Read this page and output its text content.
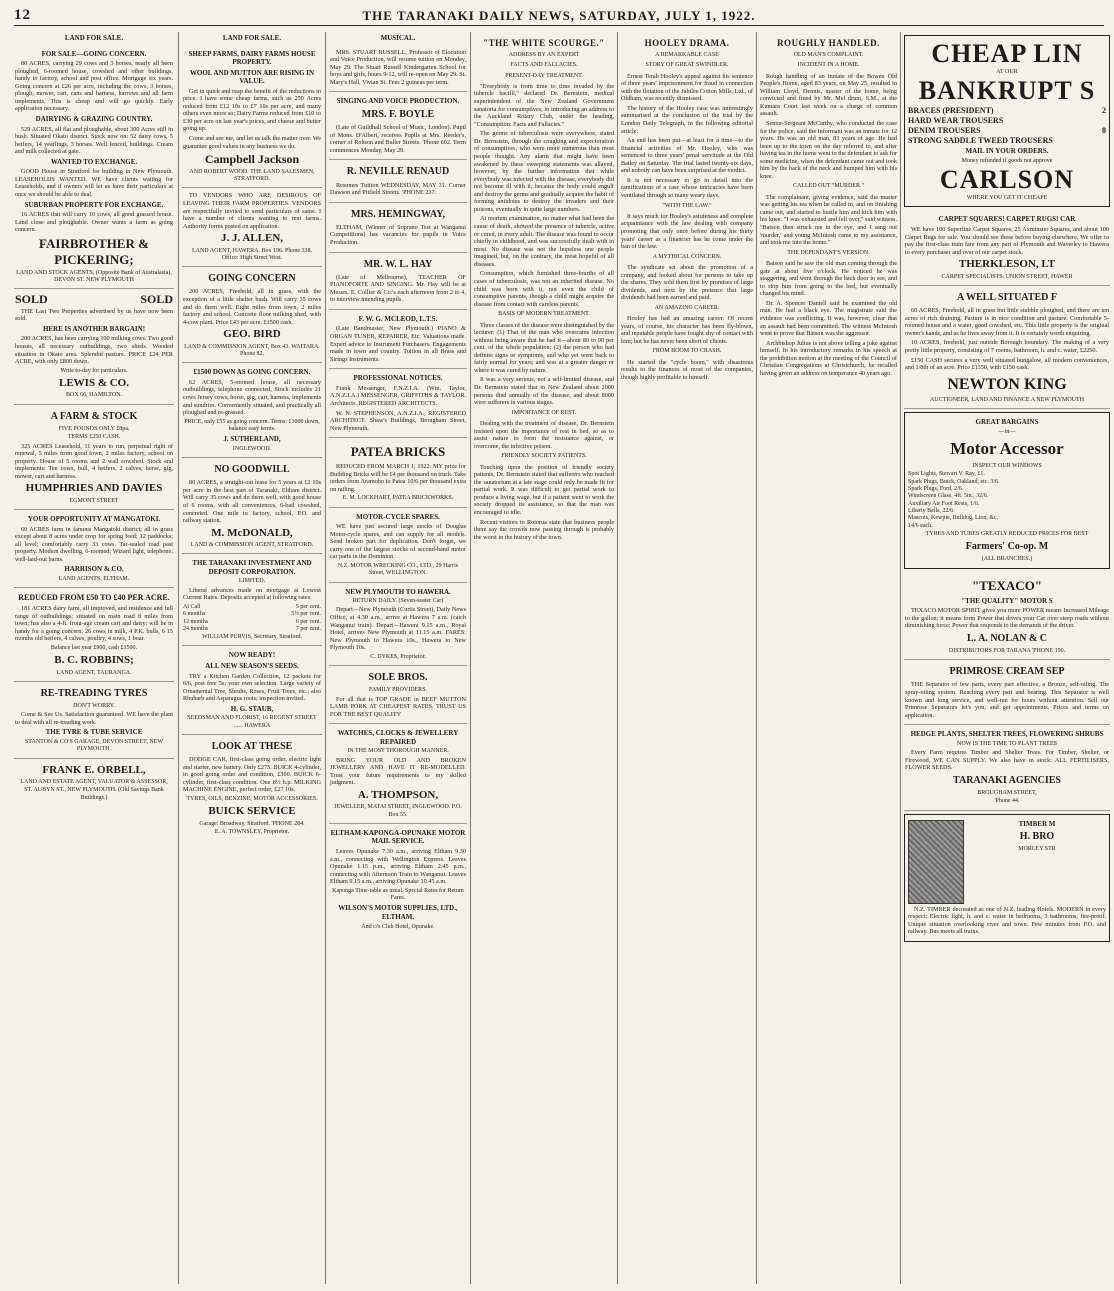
12	THE TARANAKI DAILY NEWS, SATURDAY, JULY 1, 1922.
LAND FOR SALE.
FOR SALE—GOING CONCERN.

80 ACRES, carrying 29 cows and 3 horses, nearly all been ploughed, 6-roomed house, cowshed and other buildings, handy to factory, school and post office. Mortgage six years. Going concern at £26 per acre, including the cows, 3 horses, plough, mower, cart, cans and harness, harrows and all farm implements. This is cheap and will go quickly. Early application necessary.

DAIRYING & GRAZING COUNTRY.

529 ACRES, all flat and ploughable, about 300 Acres still in bush. Situated Okato district. Stock now on: 52 dairy cows, 5 heifers, 14 yearlings, 3 horses. Well fenced, buildings. Cream and milk collected at gate.

WANTED TO EXCHANGE.

GOOD House in Stratford for building in New Plymouth. LEASEHOLDS WANTED. WE have clients waiting for Leaseholds, and if owners will let us have their particulars at once we should be able to deal.

SUBURBAN PROPERTY FOR EXCHANGE.

16 ACRES that will carry 10 cows, all good grassed house. Land close and ploughable. Owner wants a farm as going concern.

FAIRBROTHER & PICKERING;
LAND AND STOCK AGENTS, (Opposite Bank of Australasia), DEVON ST. NEW PLYMOUTH
SOLD	SOLD

THE Last Two Properties advertised by us have now been sold.

HERE IS ANOTHER BARGAIN!

200 ACRES, has been carrying 100 milking cows. Two good houses, all necessary outbuildings, two sheds. Wooded situation in Okato area. Splendid pasture. PRICE £24 PER ACRE, with only £800 down.

Write to-day for particulars.
LEWIS & CO.
BOX 66, HAMILTON.
A FARM & STOCK
FIVE POUNDS ONLY £8pa.
TERMS £250 CASH.

325 ACRES Leasehold, 11 years to run, perpetual right of renewal, 5 miles from good town, 2 miles factory, school on property. House of 5 rooms and 2 wall cowshed. Stock and implements: Ten cows, bull, 4 heifers, 2 calves, horse, gig, mower, cart and harness.

HUMPHRIES AND DAVIES
EGMONT STREET
YOUR OPPORTUNITY AT MANGATOKI.

60 ACRES farm in famous Mangatoki district; all in grass except about 8 acres under crop for spring feed; 12 paddocks; all level; comfortably carry 33 cows. Tar-sealed road past property. Modern dwelling, 6-roomed; Wizard light, telephone; well-laid-out barns.

HARRISON & CO.
LAND AGENTS, ELTHAM.
REDUCED FROM £50 TO £40 PER ACRE.

181 ACRES dairy farm, all improved, and residence and full range of outbuildings; situated on main road 8 miles from town; has also a 4-ft. front-age cream cart and dairy; will be in handy for a going concern: 26 cows in milk, 4 P.K. bulls, 6 15 months old heifers, 4 calves, poultry, 4 sows, 1 boar.

Balance last year £900, cash £1500.
B. C. ROBBINS;
LAND AGENT, TAURANGA.
RE-TREADING TYRES
DON'T WORRY.

Come & See Us. Satisfaction guaranteed. WE have the plant to deal with all re-treading work.

THE TYRE & TUBE SERVICE
STANTON & CO'S GARAGE, DEVON STREET, NEW PLYMOUTH.
FRANK E. ORBELL,
LAND AND ESTATE AGENT, VALUATOR & ASSESSOR,
ST. AUBYN ST., NEW PLYMOUTH. (Old Savings Bank Buildings.)
LAND FOR SALE.
SHEEP FARMS, DAIRY FARMS HOUSE PROPERTY.
WOOL AND MUTTON ARE RISING IN VALUE.

Get in quick and reap the benefit of the reductions in price. I have some cheap farms, such as 250 Acres reduced from £12 10s to £7 10s per acre, and many others even more so; Dairy Farms reduced from £10 to £30 per acre on last year's prices, and cheese and butter going up.

Come and see me, and let us talk the matter over. We guarantee good values in any business we do.

Campbell Jackson
AND ROBERT WOOD. THE LAND SALESMEN, STRATFORD.

TO VENDORS WHO ARE DESIROUS OF LEAVING THEIR FARM PROPERTIES. VENDORS are respectfully invited to send particulars of same. I have a number of clients wanting to rent farms. Authority forms posted on application.

J. J. ALLEN,
LAND AGENT, HAWERA. Box 196. Phone 338. Office: High Street West.
GOING CONCERN

200 ACRES, Freehold, all in grass, with the exception of a little shelter bush. Will carry 35 cows and do them well. Eight miles from town, 2 miles factory and school. Concrete floor milking shed, with 4-cow plant. Price £43 per acre. £1500 cash.

GEO. BIRD
LAND & COMMISSION AGENT, Box 43. WAITARA. Phone 82.
£1500 DOWN AS GOING CONCERN.

62 ACRES, 5-roomed house, all necessary outbuildings, telephone connected, Stock includes 21 cows Jersey cows, horse, gig, cart, harness, implements and sundries. Conveniently situated, and practically all ploughed and re-grassed.

PRICE, only £55 as going concern. Terms: £1000 down, balance easy terms.
J. SUTHERLAND,
INGLEWOOD.
NO GOODWILL

80 ACRES, a straight-out lease for 5 years at £2 10s per acre in the best part of Taranaki, Eltham district. Will carry 35 cows and do them well, with good house of 6 rooms, with all conveniences, 6-bail cowshed, concreted. One mile to factory, school, P.O. and railway station.

M. McDONALD,
LAND & COMMISSION AGENT, STRATFORD.
THE TARANAKI INVESTMENT AND DEPOSIT CORPORATION.
LIMITED.

Liberal advances made on mortgage at Lowest Current Rates. Deposits accepted at following rates:

At Call	5 per cent.
6 months	5½ per cent.
12 months	6 per cent.
24 months	7 per cent.
WILLIAM PURVIS, Secretary, Stratford.
NOW READY!
ALL NEW SEASON'S SEEDS.

TRY a Kitchen Garden Collection, 12 packets for 6/6, post free 5s; your own selection. Large variety of Ornamental Tree, Shrubs, Roses, Fruit Trees, etc.; also Rhubarb and Asparagus roots; inspection invited.

H. G. STAUB,
SEEDSMAN AND FLORIST, 16 REGENT STREET ...... HAWERA
LOOK AT THESE

DODGE CAR, first-class going order, electric light and starter, new battery. Only £275. BUICK 4-cylinder, in good going order and condition, £300. BUICK 6-cylinder, first-class condition. One 8½ h.p. MILKING MACHINE ENGINE, perfect order, £27 10s.

TYRES, OILS, BENZINE, MOTOR ACCESSORIES.
BUICK SERVICE
Garage: Broadway, Stratford. 'PHONE 284.
E. A. TOWNSLEY, Proprietor.
MUSICAL.

MRS. STUART RUSSELL, Professor of Elocution and Voice Production, will resume tuition on Monday, May 29. The Stuart Russell Kindergarten School for boys and girls, hours 9-12, will re-open on May 29. St. Mary's Hall, Vivian St. Fees 2 guineas per term.

SINGING AND VOICE PRODUCTION.
MRS. F. BOYLE

(Late of Guildhall School of Music, London). Pupil of Mons. D'Albert, receives Pupils at Mrs. Reeder's, corner of Robson and Buller Streets. 'Phone 602. Term commences Monday, May 29.

R. NEVILLE RENAUD

Resumes Tuition WEDNESDAY, MAY 31. Corner Dawson and Pitfield Streets. 'PHONE 237.

MRS. HEMINGWAY,

ELTHAM, (Winner of Soprano Test at Wanganui Competitions) has vacancies for pupils in Voice Production.

MR. W. L. HAY

(Late of Melbourne), TEACHER OF PIANOFORTE AND SINGING. Mr. Hay will be at Messrs. E. Collier & Co.'s each afternoon from 2 to 4, to interview intending pupils.

F. W. G. MCLEOD, L.T.S.

(Late Bandmaster, New Plymouth.) PIANO & ORGAN TUNER, REPAIRER, Etc. Valuations made. Expert advice to Instrument Purchasers. Engagements made in town and country. Tuition in all Brass and Strings Instruments.

PROFESSIONAL NOTICES.

Frank Messenger, F.N.Z.I.A. (Wm. Taylor, A.N.Z.I.A.) MESSENGER, GRIFFITHS & TAYLOR. Architects. REGISTERED ARCHITECTS.

W. N. STEPHENSON, A.N.Z.I.A., REGISTERED ARCHITECT. Shaw's Buildings, Brougham Street, New Plymouth.

PATEA BRICKS

REDUCED FROM MARCH 1, 1922. MY price for Building Bricks will be £4 per thousand on truck. Take orders from Aramoho to Patea 10/6 per thousand extra on railing.

E. M. LOCKHART, PATEA BRICKWORKS.
MOTOR-CYCLE SPARES.

WE have just secured large stocks of Douglas Motor-cycle spares, and can supply for all models. Send broken part for duplication. Don't forget, we carry one of the largest stocks of second-hand motor car parts in the Dominion.

N.Z. MOTOR WRECKING CO., LTD., 29 Harris Street, WELLINGTON.
NEW PLYMOUTH TO HAWERA.
RETURN DAILY. (Seven-seater Car)

Depart—New Plymouth (Curtis Street), Daily News Office, at 4.30 a.m., arrive at Hawera 7 a.m. (catch Wanganui train). Depart—Hawera 9.15 a.m., Royal Hotel, arrives New Plymouth at 11.15 a.m. FARES: New Plymouth to Hawera 10s., Hawera to New Plymouth 10s.

C. DYKES, Proprietor.
SOLE BROS.
FAMILY PROVIDERS.

For all that is TOP GRADE in BEEF MUTTON LAMB PORK AT CHEAPEST RATES. TRUST US FOR THE BEST QUALITY

WATCHES, CLOCKS & JEWELLERY REPAIRED
IN THE MOST THOROUGH MANNER.

BRING YOUR OLD AND BROKEN JEWELLERY AND HAVE IT RE-MODELLED. Trust your future requirements to my skilled judgment.

A. THOMPSON,
JEWELLER, MATAI STREET, INGLEWOOD. P.O. Box 55.
ELTHAM-KAPONGA-OPUNAKE MOTOR MAIL SERVICE.

Leaves Opunake 7.30 a.m., arriving Eltham 9.30 a.m., connecting with Wellington Express. Leaves Opunake 1.15 p.m., arriving Eltham 2.45 p.m., connecting with Afternoon Train to Wanganui. Leaves Eltham 9.15 a.m., arriving Opunake 10.45 a.m.

Kaponga Time-table as usual. Special Rates for Return Fares.
WILSON'S MOTOR SUPPLIES, LTD., ELTHAM.
And c/o Club Hotel, Opunake.
"THE WHITE SCOURGE."
ADDRESS BY AN EXPERT
FACTS AND FALLACIES.
PRESENT-DAY TREATMENT.

"Everybody is from time to time invaded by the tubercle bacilli," declared Dr. Bernstein, medical superintendent of the New Zealand Government sanatoria for consumptives, in introducing an address to the Auckland Rotary Club, under the heading, "Consumption: Facts and Fallacies."

The germs of tuberculosis were everywhere, stated Dr. Bernstein, through the coughing and expectoration of consumptives, who were more numerous than most people thought. Any alarm that might have been awakened by these sweeping statements was allayed, however, by the further information that while everybody was infected with the disease, everybody did not become ill with it, because the body could engulf and destroy the germs and gradually acquire the habit of forming antidotes to destroy the invaders and their poisons, eventually in quite large numbers.

At mortem examination, no matter what had been the cause of death, showed the presence of tubercle, active or cured, in every adult. The disease was found to occur chiefly in childhood, and was successfully dealt with in most. No disease was not the hopeless one people imagined, but, on the contrary, the most hopeful of all diseases.

Consumption, which furnished three-fourths of all cases of tuberculosis, was not an inherited disease. No child was born with it, not even the child of consumptive parents, though a child might acquire the disease from contact with careless parents.

BASIS OF MODERN TREATMENT.

Three classes of the disease were distinguished by the lecturer: (1) That of the man who overcame infection without being aware that he had it—about 80 to 90 per cent. of the whole population; (2) the person who had definite signs or symptoms, and who yet went back to fairly normal for years; and was at a greater danger or where it was cured by nature.

It was a very serious, not a self-limited disease, and Dr. Bernstein stated that in New Zealand about 2000 persons died annually of the disease, and about 8000 were sufferers in various stages.

IMPORTANCE OF REST.

Dealing with the treatment of disease, Dr. Bernstein insisted upon the importance of rest in bed, so as to assist nature to form the resistance against, or overcome, the infective poison.

FRIENDLY SOCIETY PATIENTS.

Touching upon the position of friendly society patients, Dr. Bernstein stated that sufferers who reached the sanatorium at a late stage could only be made fit for partial work. It was difficult to get partial work to produce a living wage, but if a patient went to work the society dropped its assistance, so that the man was encouraged to idle.

Recent visitors to Rotorua state that business people there say the crowds now passing through is probably the worst in the history of the town.

HOOLEY DRAMA.
A REMARKABLE CASE
STORY OF GREAT SWINDLER.

Ernest Terah Hooley's appeal against his sentence of three years' imprisonment for fraud in connection with the flotation of the Jubilee Cotton Mills, Ltd., of Oldham, was recently dismissed.

The history of the Hooley case was interestingly summarised at the conclusion of the trial by the London Daily Telegraph, in the following editorial article:

An end has been put—at least for a time—to the financial activities of Mr. Hooley, who was sentenced to three years' penal servitude at the Old Bailey on Saturday. The trial lasted twenty-six days, and nobody can have been surprised at the verdict.

It is not necessary to go in detail into the ramifications of a case whose intricacies have been ventilated through so many weary days.

"WITH THE LAW."

It says much for Hooley's astuteness and complete acquaintance with the law dealing with company promoting that only once before during his thirty years' career as a financier has he come under the ban of the law.

A MYTHICAL CONCERN.

The syndicate set about the promotion of a company, and looked about for persons to take up the shares. They sold them first by promises of large dividends, and next by the pretence that large dividends had been earned and paid.

AN AMAZING CAREER.

Hooley has had an amazing career. Of recent years, of course, his character has been fly-blown, and reputable people have fought shy of contact with him; but he has never been short of clients.

FROM BOOM TO CRASH.

He started the "cycle boom," with disastrous results to the finances of most of the companies, though highly profitable to himself.

ROUGHLY HANDLED.
OLD MAN'S COMPLAINT.
INCIDENT IN A HOME.

Rough handling of an inmate of the Bowen Old People's Home, aged 83 years, on May 25, resulted in William Lloyd, Dennis, master of the home, being convicted and fined by Mr. Mel drum, S.M., at the Kumara Court last week on a charge of common assault.

Senior-Sergeant McCarthy, who conducted the case for the police, said the informant was an inmate for 12 years. He was an old man, 83 years of age. He had been up to the town on the day referred to, and after having tea in the home went to the defendant to ask for some medicine, when the defendant came out and took him by the back of the neck and bumped him with his knee.

CALLED OUT "MURDER."

The complainant, giving evidence, said the master was getting his tea when he called in, and on finishing came out, and started to bustle him and kick him with his knee. "I was exhausted and fell over," said witness. "Batson then struck me in the eye, and I sang out 'murder,' and young McIntosh came to my assistance, and took me into the home."

THE DEPENDANT'S VERSION.

Batson said he saw the old man coming through the gate at about five o'clock. He noticed he was staggering, and went through the back door to see, and to stop him from going to the bed, but eventually changed his mind.

Dr. A. Spencer Daniell said he examined the old man. He had a black eye. The magistrate said the evidence was conflicting. It was, however, clear that an assault had been committed. The witness McIntosh went to prove that Batson was the aggressor.

Archbishop Julius is not above telling a joke against himself. In his introductory remarks in his speech at the prohibition motion at the meeting of the Council of Christian Congregations at Christchurch, he recalled having given an address on temperance 40 years ago.

CHEAP LIN
AT OUR
BANKRUPT S
BRACES (PRESIDENT)	2
HARD WEAR TROUSERS
DENIM TROUSERS	8
STRONG SADDLE TWEED TROUSERS
MAIL IN YOUR ORDERS.
Money refunded if goods not approve
CARLSON
WHERE YOU GET IT CHEAPE
CARPET SQUARES! CARPET RUGS! CAR

WE have 100 Superfine Carpet Squares, 25 Axminster Squares, and about 100 Carpet Rugs for sale. You should see these before buying elsewhere. We offer to pay the first-class train fare from any part of Plymouth and Waverley to Hawera to every purchaser and over of our carpet stock.

THERKLESON, LT
CARPET SPECIALISTS. UNION STREET, HAWER
A WELL SITUATED F

60 ACRES, Freehold, all in grass but little stubble ploughed, and there are ten acres of rich draining. Pasture is in nice condition and pasture. Comfortable 5-roomed house and a water, good cowshed, etc. This little property is the original owner's hands, and as he lives away from it. It is certainly worth enquiring.

10 ACRES, freehold, just outside Borough boundary. The making of a very pretty little property, consisting of 7 rooms, bathroom, h. and c. water, £2250.

£150 CASH secures a very well situated bungalow, all modern conveniences, and 1/8th of an acre. Price £1350, with £150 cash.

NEWTON KING
AUCTIONEER, LAND AND FINANCE A NEW PLYMOUTH
GREAT BARGAINS
—in—
Motor Accessor
INSPECT OUR WINDOWS
Spot Lights, Stewart V. Ray, £1.
Spark Plugs, Buick, Oakland, etc. 3/6.
Spark Plugs, Ford, 2/6.
Windscreen Glass, 4ft. 5in., 32/6.
Auxiliary Air Foot Rests, 1/6.
Liberty Bells, 22/6.
Mascots, Kewpie, Bulldog, Lion, &c.
14/6 each.
TYRES AND TUBES GREATLY REDUCED PRICES FOR BEST
Farmers' Co-op. M
(ALL BRANCHES.)
"TEXACO"
"THE QUALITY" MOTOR S

TEXACO MOTOR SPIRIT gives you more POWER means Increased Mileage to the gallon; it means form Power that drives your Car over steep roads without diminishing force; Power that responds to the demands of the driver.

L. A. NOLAN & C
DISTRIBUTORS FOR TARANA 'PHONE 190.
PRIMROSE CREAM SEP

THE Separator of few parts, every part effective, a Bronze, self-oiling. The spray-oiling system. Reaching every part and bearing. This Separator is well known and long service, and well-run for hours without attention. Sell our Primrose Separators let's you, and get appointments. Prices and terms on application.

HEDGE PLANTS, SHELTER TREES, FLOWERING SHRUBS
NOW IS THE TIME TO PLANT TREES

Every Farm requires Timber and Shelter Trees. For Timber, Shelter, or Firewood, WE CAN SUPPLY. We also have in stock: ALL FERTILISERS, FLOWER SEEDS.

TARANAKI AGENCIES
BROUGHAM STREET,
'Phone 44.
TIMBER M
H. BRO
MORLEY STR

N.Z. TIMBER decorated as one of N.Z. leading Hotels. MODERN in every respect; Electric light, h. and c. water in bedrooms, 3 bathrooms, fire-proof. Unique situation overlooking river and town. Few minutes from P.O. and railway. Bus meets all trains.
